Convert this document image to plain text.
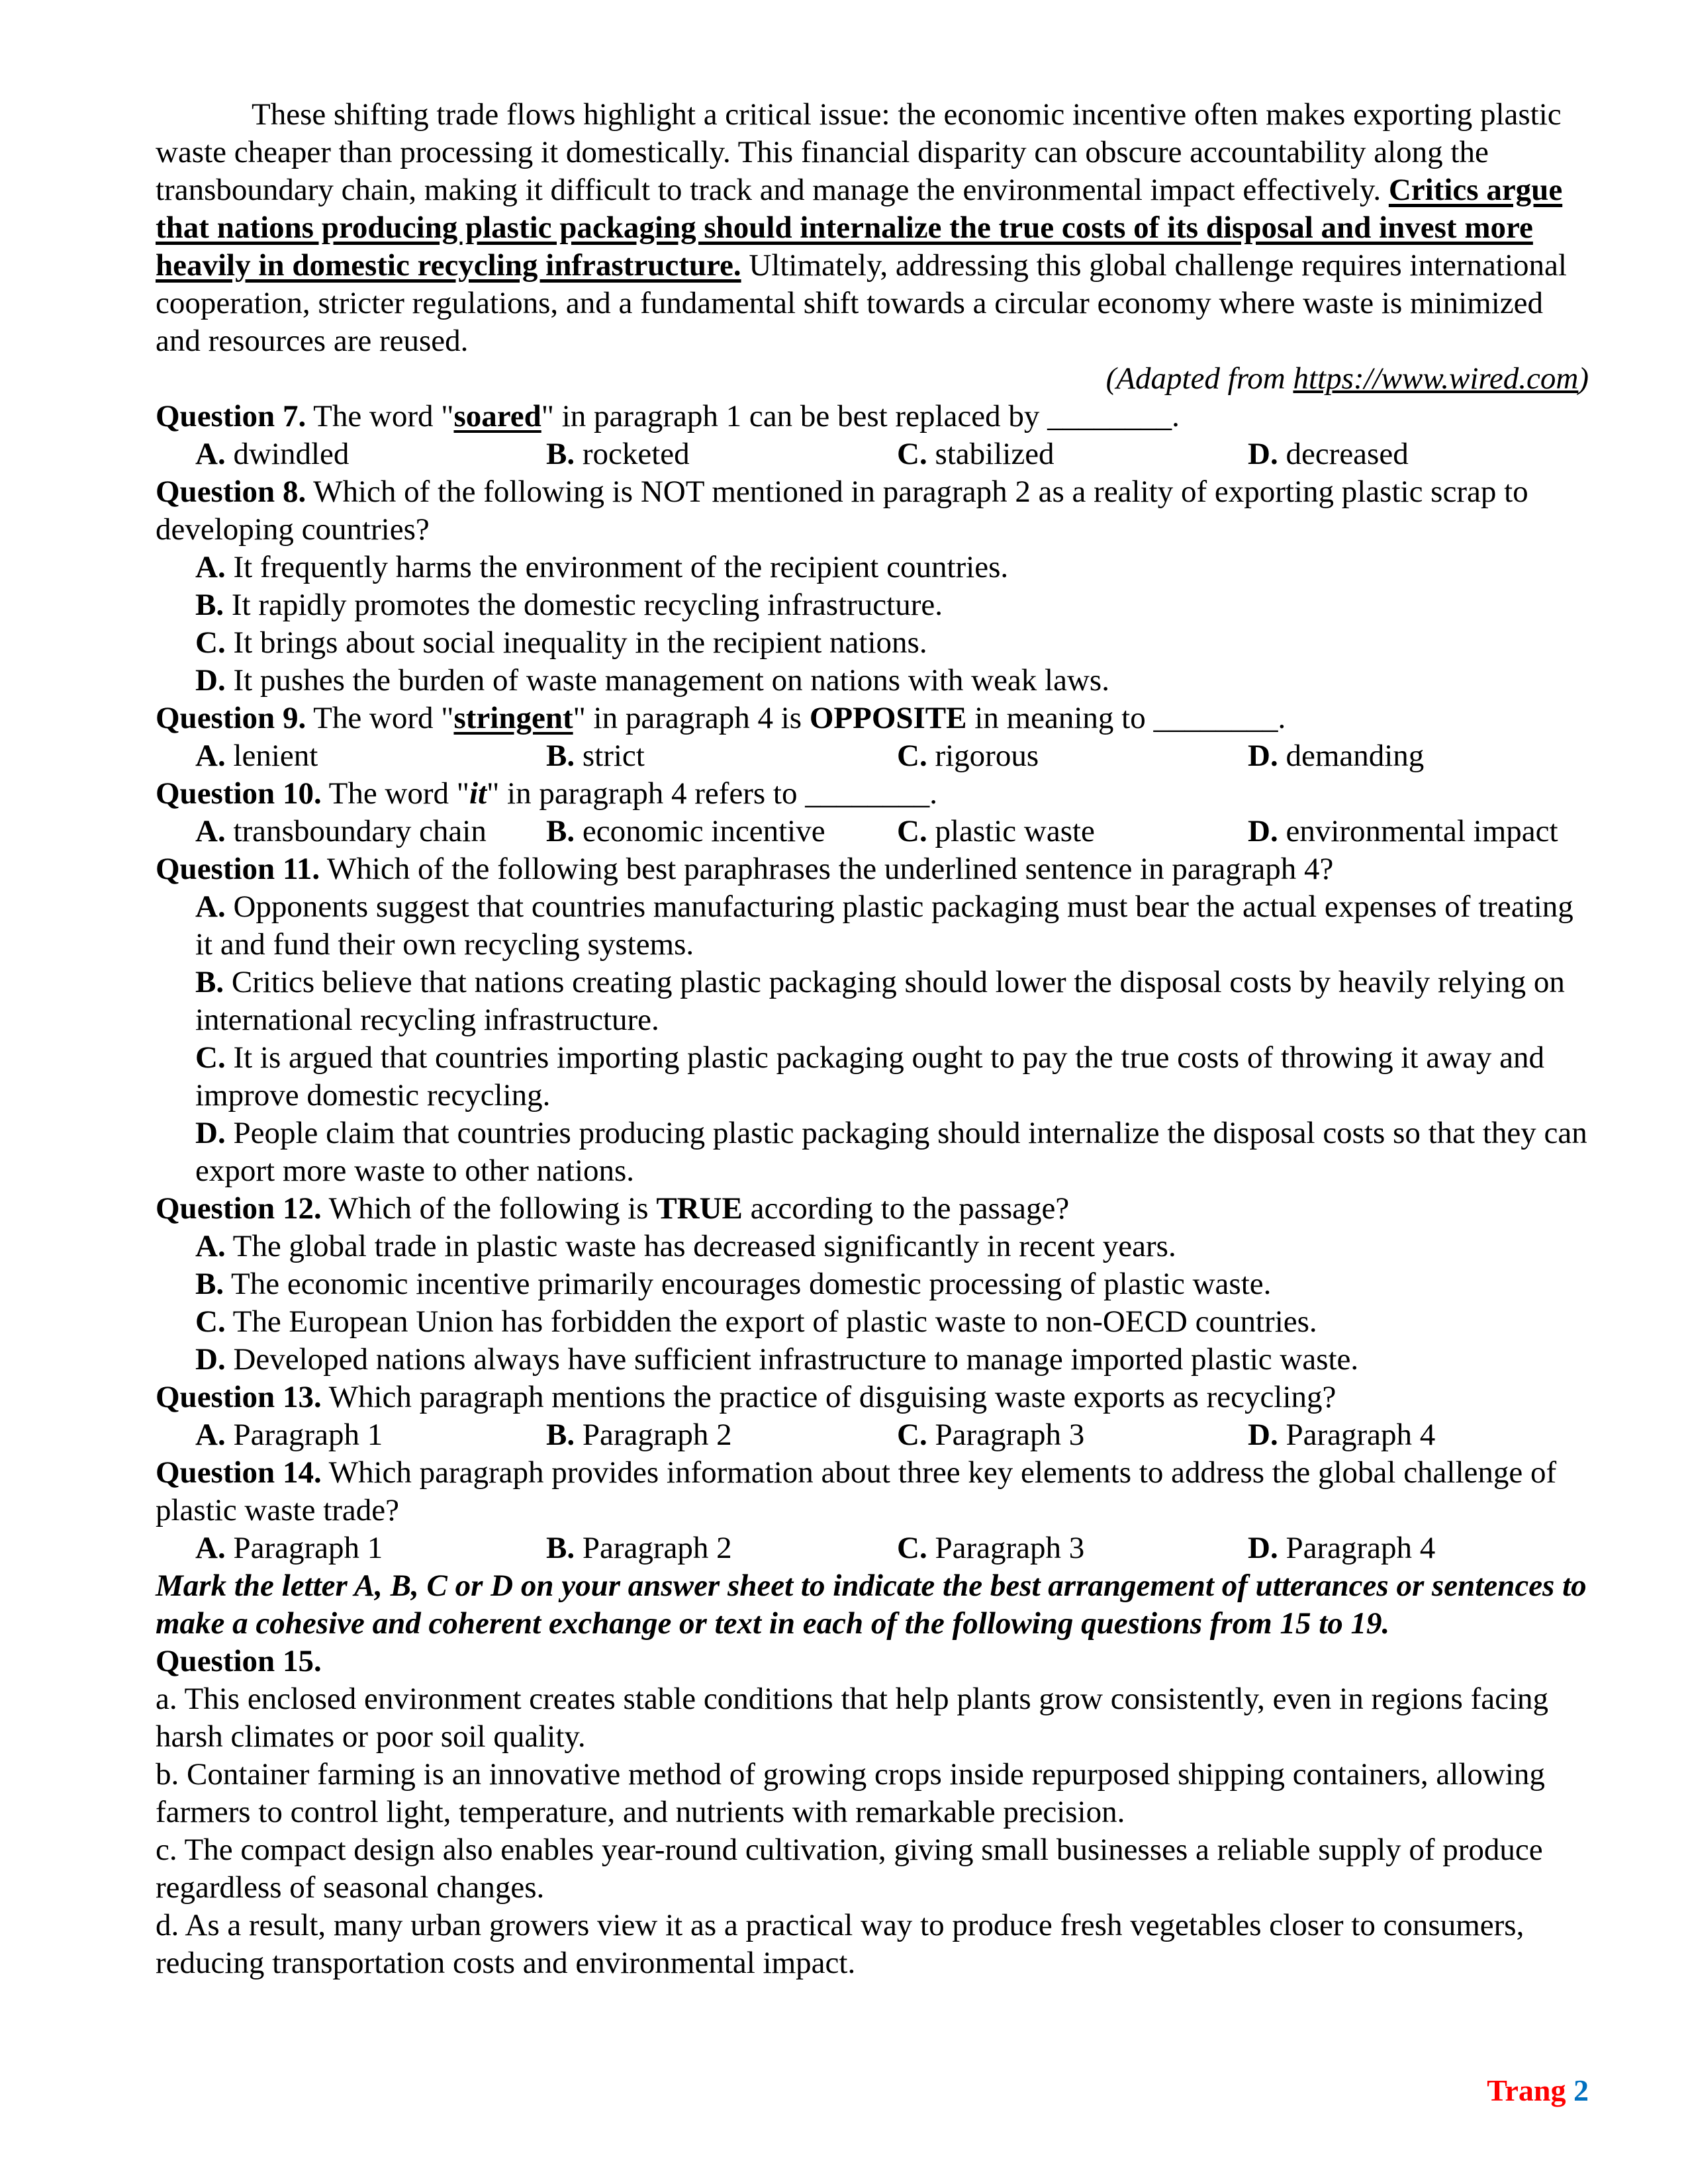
These shifting trade flows highlight a critical issue: the economic incentive often makes exporting plastic waste cheaper than processing it domestically. This financial disparity can obscure accountability along the transboundary chain, making it difficult to track and manage the environmental impact effectively. Critics argue that nations producing plastic packaging should internalize the true costs of its disposal and invest more heavily in domestic recycling infrastructure. Ultimately, addressing this global challenge requires international cooperation, stricter regulations, and a fundamental shift towards a circular economy where waste is minimized and resources are reused.

(Adapted from https://www.wired.com)

Question 7. The word "soared" in paragraph 1 can be best replaced by ________.

A. dwindled	B. rocketed	C. stabilized	D. decreased

Question 8. Which of the following is NOT mentioned in paragraph 2 as a reality of exporting plastic scrap to developing countries?

A. It frequently harms the environment of the recipient countries.

B. It rapidly promotes the domestic recycling infrastructure.

C. It brings about social inequality in the recipient nations.

D. It pushes the burden of waste management on nations with weak laws.

Question 9. The word "stringent" in paragraph 4 is OPPOSITE in meaning to ________.

A. lenient	B. strict	C. rigorous	D. demanding

Question 10. The word "it" in paragraph 4 refers to ________.

A. transboundary chain	B. economic incentive	C. plastic waste	D. environmental impact

Question 11. Which of the following best paraphrases the underlined sentence in paragraph 4?

A. Opponents suggest that countries manufacturing plastic packaging must bear the actual expenses of treating it and fund their own recycling systems.

B. Critics believe that nations creating plastic packaging should lower the disposal costs by heavily relying on international recycling infrastructure.

C. It is argued that countries importing plastic packaging ought to pay the true costs of throwing it away and improve domestic recycling.

D. People claim that countries producing plastic packaging should internalize the disposal costs so that they can export more waste to other nations.

Question 12. Which of the following is TRUE according to the passage?

A. The global trade in plastic waste has decreased significantly in recent years.

B. The economic incentive primarily encourages domestic processing of plastic waste.

C. The European Union has forbidden the export of plastic waste to non-OECD countries.

D. Developed nations always have sufficient infrastructure to manage imported plastic waste.

Question 13. Which paragraph mentions the practice of disguising waste exports as recycling?

A. Paragraph 1	B. Paragraph 2	C. Paragraph 3	D. Paragraph 4

Question 14. Which paragraph provides information about three key elements to address the global challenge of plastic waste trade?

A. Paragraph 1	B. Paragraph 2	C. Paragraph 3	D. Paragraph 4

Mark the letter A, B, C or D on your answer sheet to indicate the best arrangement of utterances or sentences to make a cohesive and coherent exchange or text in each of the following questions from 15 to 19.

Question 15.

a. This enclosed environment creates stable conditions that help plants grow consistently, even in regions facing harsh climates or poor soil quality.

b. Container farming is an innovative method of growing crops inside repurposed shipping containers, allowing farmers to control light, temperature, and nutrients with remarkable precision.

c. The compact design also enables year-round cultivation, giving small businesses a reliable supply of produce regardless of seasonal changes.

d. As a result, many urban growers view it as a practical way to produce fresh vegetables closer to consumers, reducing transportation costs and environmental impact.

Trang 2
